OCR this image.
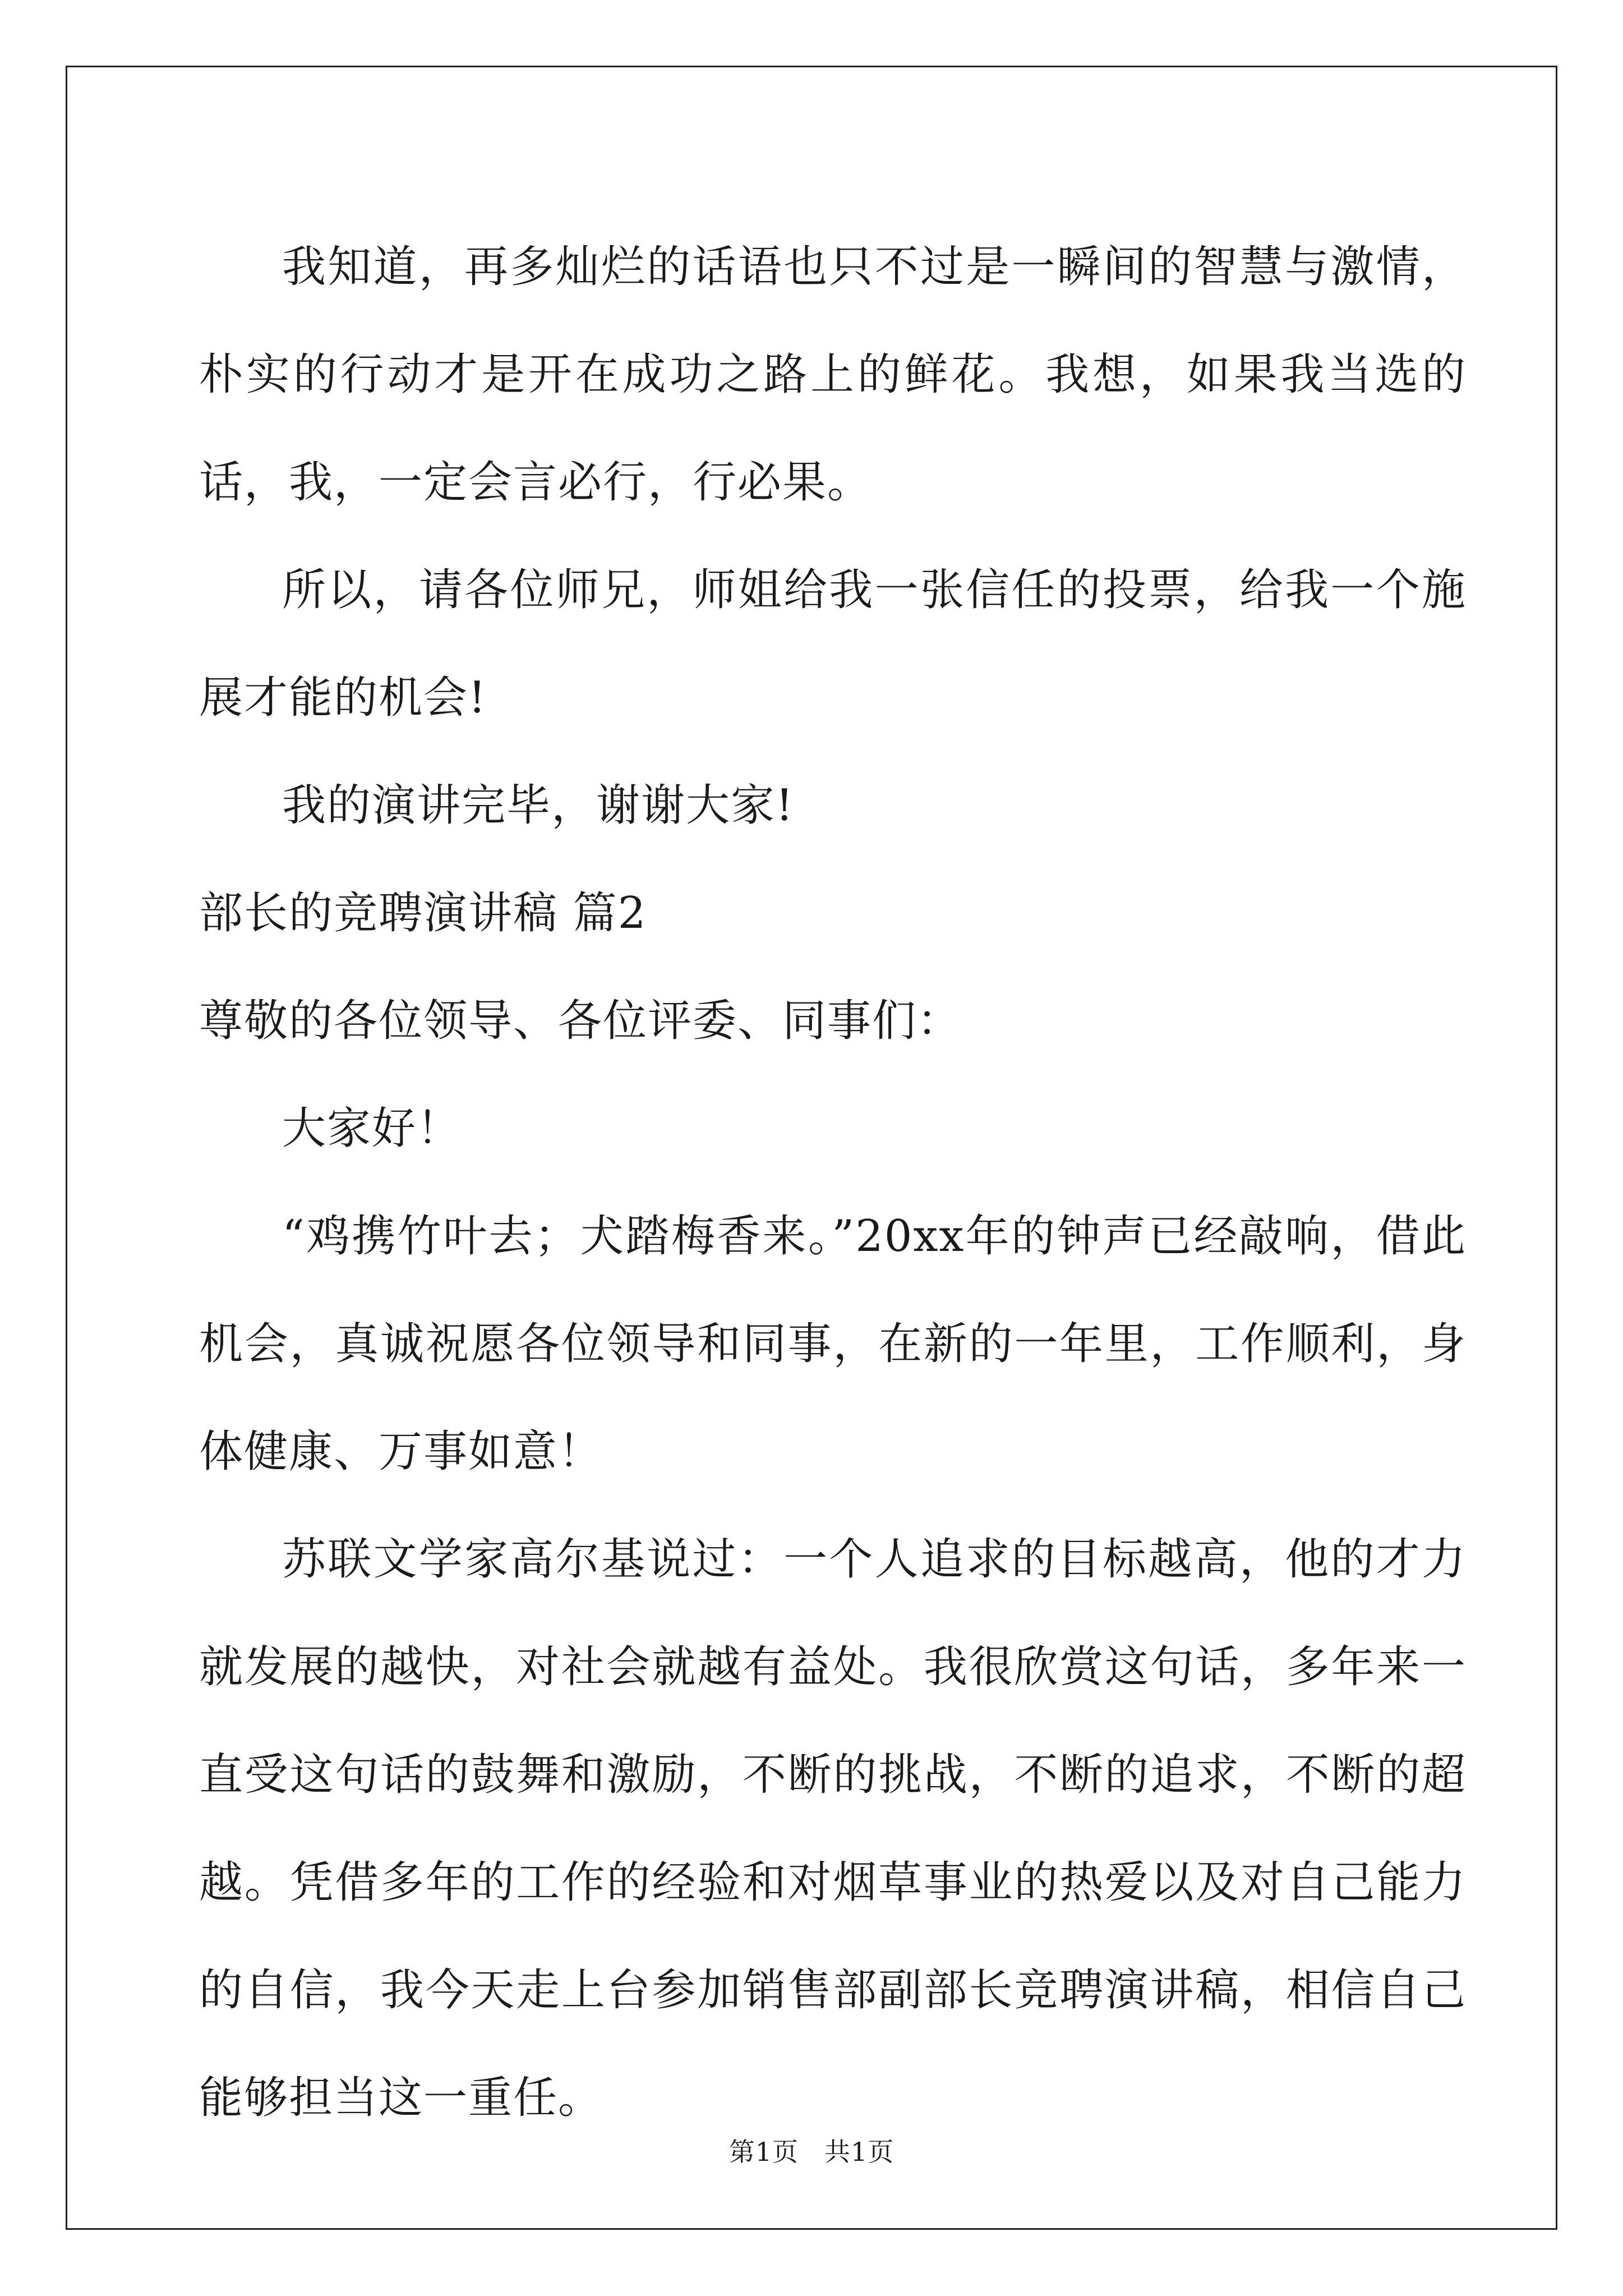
我知道，再多灿烂的话语也只不过是一瞬间的智慧与激情，朴实的行动才是开在成功之路上的鲜花。我想，如果我当选的话，我，一定会言必行，行必果。

所以，请各位师兄，师姐给我一张信任的投票，给我一个施展才能的机会!

我的演讲完毕，谢谢大家!

部长的竞聘演讲稿 篇2

尊敬的各位领导、各位评委、同事们：

大家好！

“鸡携竹叶去；犬踏梅香来。”20xx年的钟声已经敲响，借此机会，真诚祝愿各位领导和同事，在新的一年里，工作顺利，身体健康、万事如意！

苏联文学家高尔基说过：一个人追求的目标越高，他的才力就发展的越快，对社会就越有益处。我很欣赏这句话，多年来一直受这句话的鼓舞和激励，不断的挑战，不断的追求，不断的超越。凭借多年的工作的经验和对烟草事业的热爱以及对自己能力的自信，我今天走上台参加销售部副部长竞聘演讲稿，相信自己能够担当这一重任。

第1页 共1页
